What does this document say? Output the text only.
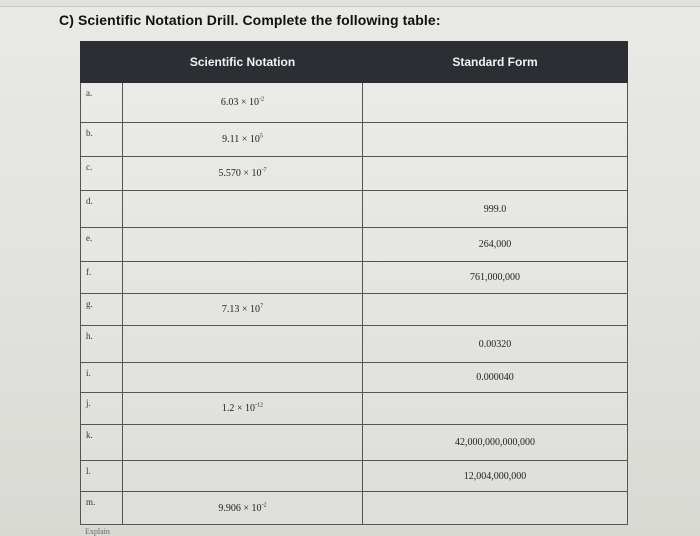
C) Scientific Notation Drill. Complete the following table:
	Scientific Notation	Standard Form
a.	$6.03 \times 10^{-2}$	
b.	$9.11 \times 10^5$	
c.	$5.570 \times 10^{-7}$	
d.		999.0
e.		264,000
f.		761,000,000
g.	$7.13 \times 10^7$	
h.		0.00320
i.		0.000040
j.	$1.2 \times 10^{-12}$	
k.		42,000,000,000,000
l.		12,004,000,000
m.	$9.906 \times 10^{-2}$	
Explain
